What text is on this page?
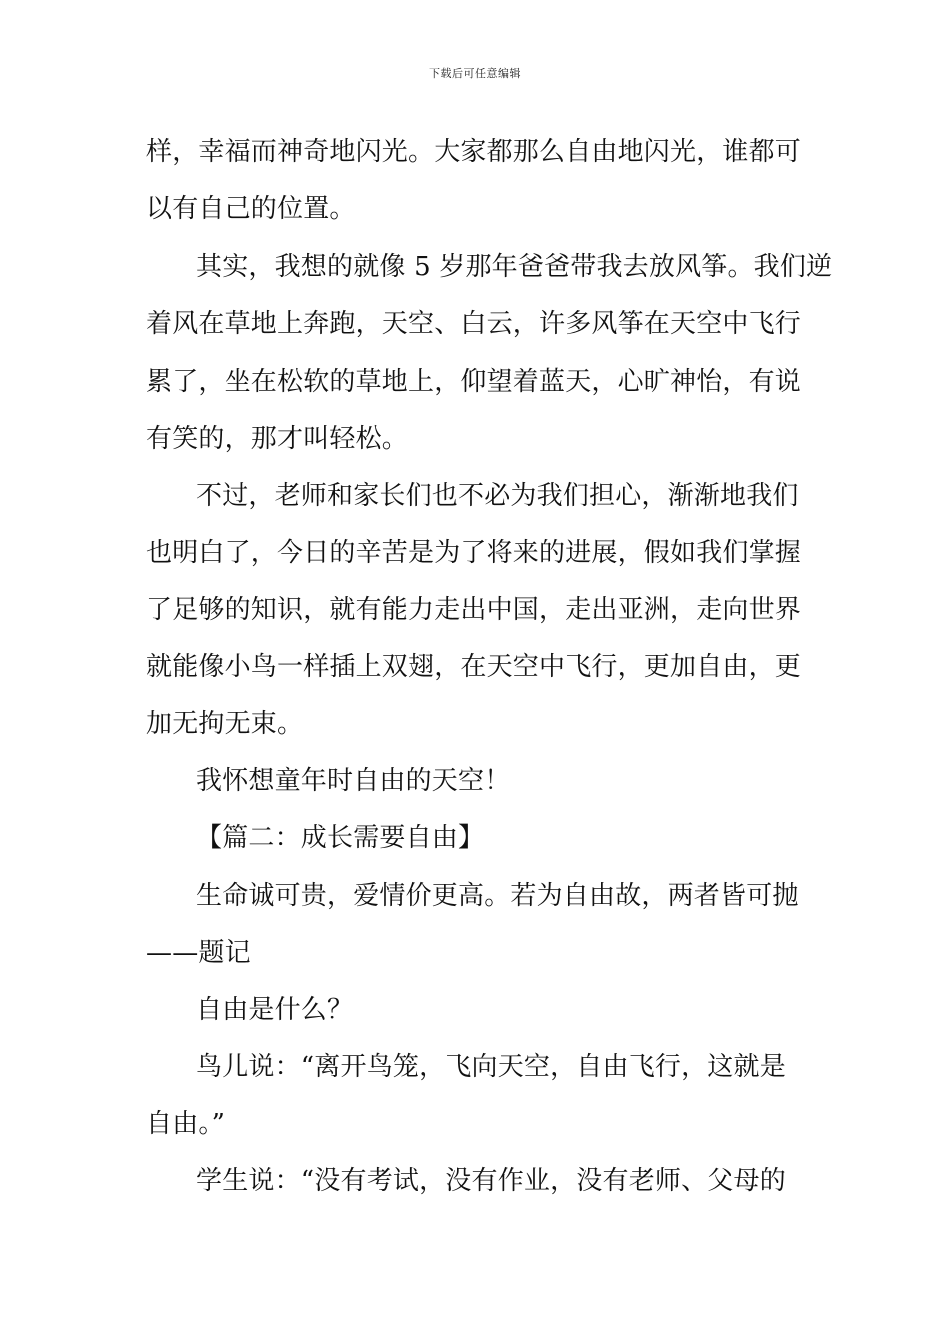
下载后可任意编辑
样，幸福而神奇地闪光。大家都那么自由地闪光，谁都可
以有自己的位置。
其实，我想的就像 5 岁那年爸爸带我去放风筝。我们逆
着风在草地上奔跑，天空、白云，许多风筝在天空中飞行
累了，坐在松软的草地上，仰望着蓝天，心旷神怡，有说
有笑的，那才叫轻松。
不过，老师和家长们也不必为我们担心，渐渐地我们
也明白了，今日的辛苦是为了将来的进展，假如我们掌握
了足够的知识，就有能力走出中国，走出亚洲，走向世界
就能像小鸟一样插上双翅，在天空中飞行，更加自由，更
加无拘无束。
我怀想童年时自由的天空！
【篇二：成长需要自由】
生命诚可贵，爱情价更高。若为自由故，两者皆可抛
——题记
自由是什么？
鸟儿说：“离开鸟笼，飞向天空，自由飞行，这就是
自由。”
学生说：“没有考试，没有作业，没有老师、父母的
